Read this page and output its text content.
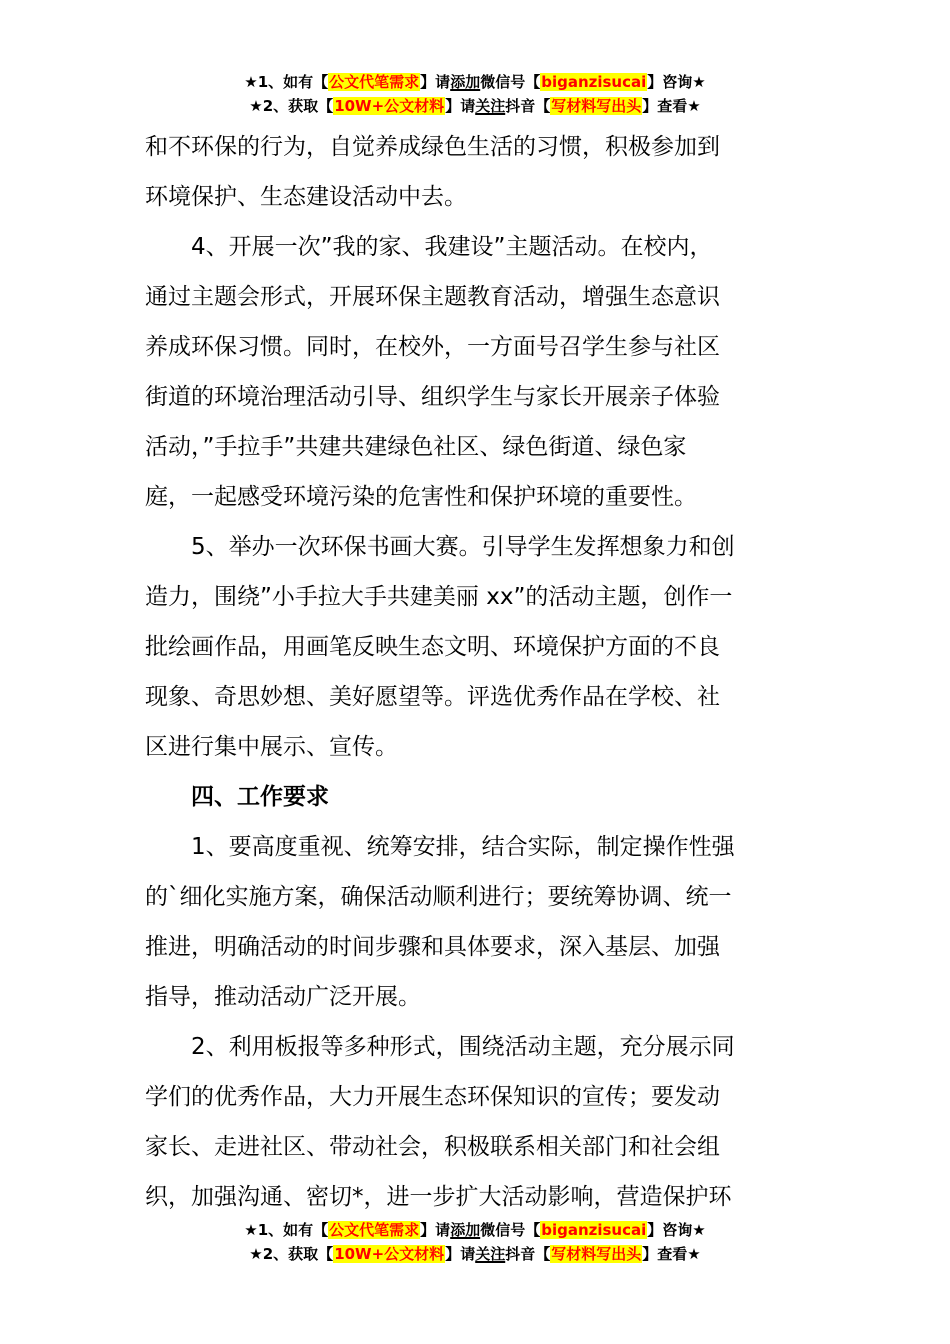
★1、如有【公文代笔需求】请添加微信号【biganzisucai】咨询★
★2、获取【10W+公文材料】请关注抖音【写材料写出头】查看★

和不环保的行为，自觉养成绿色生活的习惯，积极参加到

环境保护、生态建设活动中去。

　　4、开展一次”我的家、我建设”主题活动。在校内，

通过主题会形式，开展环保主题教育活动，增强生态意识

养成环保习惯。同时，在校外，一方面号召学生参与社区

街道的环境治理活动引导、组织学生与家长开展亲子体验

活动，”手拉手”共建共建绿色社区、绿色街道、绿色家

庭，一起感受环境污染的危害性和保护环境的重要性。

　　5、举办一次环保书画大赛。引导学生发挥想象力和创

造力，围绕”小手拉大手共建美丽 xx”的活动主题，创作一

批绘画作品，用画笔反映生态文明、环境保护方面的不良

现象、奇思妙想、美好愿望等。评选优秀作品在学校、社

区进行集中展示、宣传。

　　四、工作要求

　　1、要高度重视、统筹安排，结合实际，制定操作性强

的`细化实施方案，确保活动顺利进行；要统筹协调、统一

推进，明确活动的时间步骤和具体要求，深入基层、加强

指导，推动活动广泛开展。

　　2、利用板报等多种形式，围绕活动主题，充分展示同

学们的优秀作品，大力开展生态环保知识的宣传；要发动

家长、走进社区、带动社会，积极联系相关部门和社会组

织，加强沟通、密切*，进一步扩大活动影响，营造保护环

★1、如有【公文代笔需求】请添加微信号【biganzisucai】咨询★
★2、获取【10W+公文材料】请关注抖音【写材料写出头】查看★
